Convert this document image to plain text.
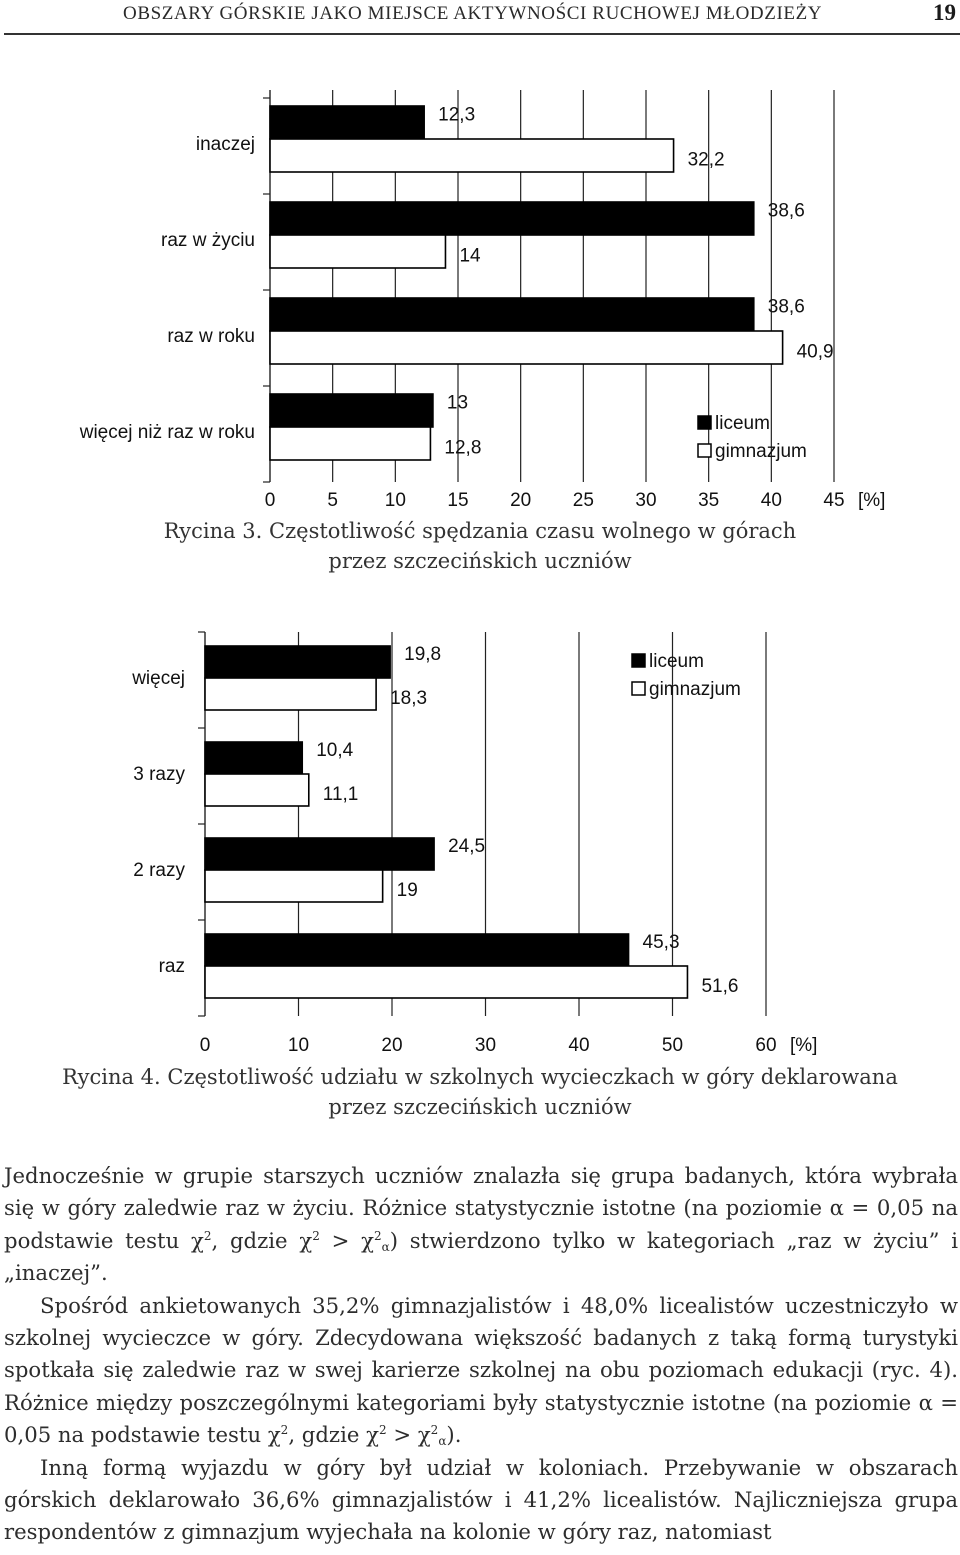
OBSZARY GÓRSKIE JAKO MIEJSCE AKTYWNOŚCI RUCHOWEJ MŁODZIEŻY	19
0	5 10 15 20 25 30 35 40 45 [%]
inaczej
12,3
32,2
raz w życiu
38,6
14
raz w roku
38,6
40,9
więcej niż raz w roku
13
12,8
liceum
gimnazjum
Rycina 3. Częstotliwość spędzania czasu wolnego w górach
przez szczecińskich uczniów
0	10	20	30	40	50	60 [%]
więcej
19,8
18,3
3 razy
10,4
11,1
2 razy
24,5
19
raz
45,3
51,6
liceum
gimnazjum
Rycina 4. Częstotliwość udziału w szkolnych wycieczkach w góry deklarowana
przez szczecińskich uczniów

Jednocześnie w grupie starszych uczniów znalazła się grupa badanych, która wybrała się w góry zaledwie raz w życiu. Różnice statystycznie istotne (na poziomie α = 0,05 na podstawie testu $\chi^2$, gdzie $\chi^2 > \chi^2_\alpha$) stwierdzono tylko w kategoriach „raz w życiu” i „inaczej”.

Spośród ankietowanych 35,2% gimnazjalistów i 48,0% licealistów uczestniczyło w szkolnej wycieczce w góry. Zdecydowana większość badanych z taką formą turystyki spotkała się zaledwie raz w swej karierze szkolnej na obu poziomach edukacji (ryc. 4). Różnice między poszczególnymi kategoriami były statystycznie istotne (na poziomie α = 0,05 na podstawie testu $\chi^2$, gdzie $\chi^2 > \chi^2_\alpha$).

Inną formą wyjazdu w góry był udział w koloniach. Przebywanie w obszarach górskich deklarowało 36,6% gimnazjalistów i 41,2% licealistów. Najliczniejsza grupa respondentów z gimnazjum wyjechała na kolonie w góry raz, natomiast
